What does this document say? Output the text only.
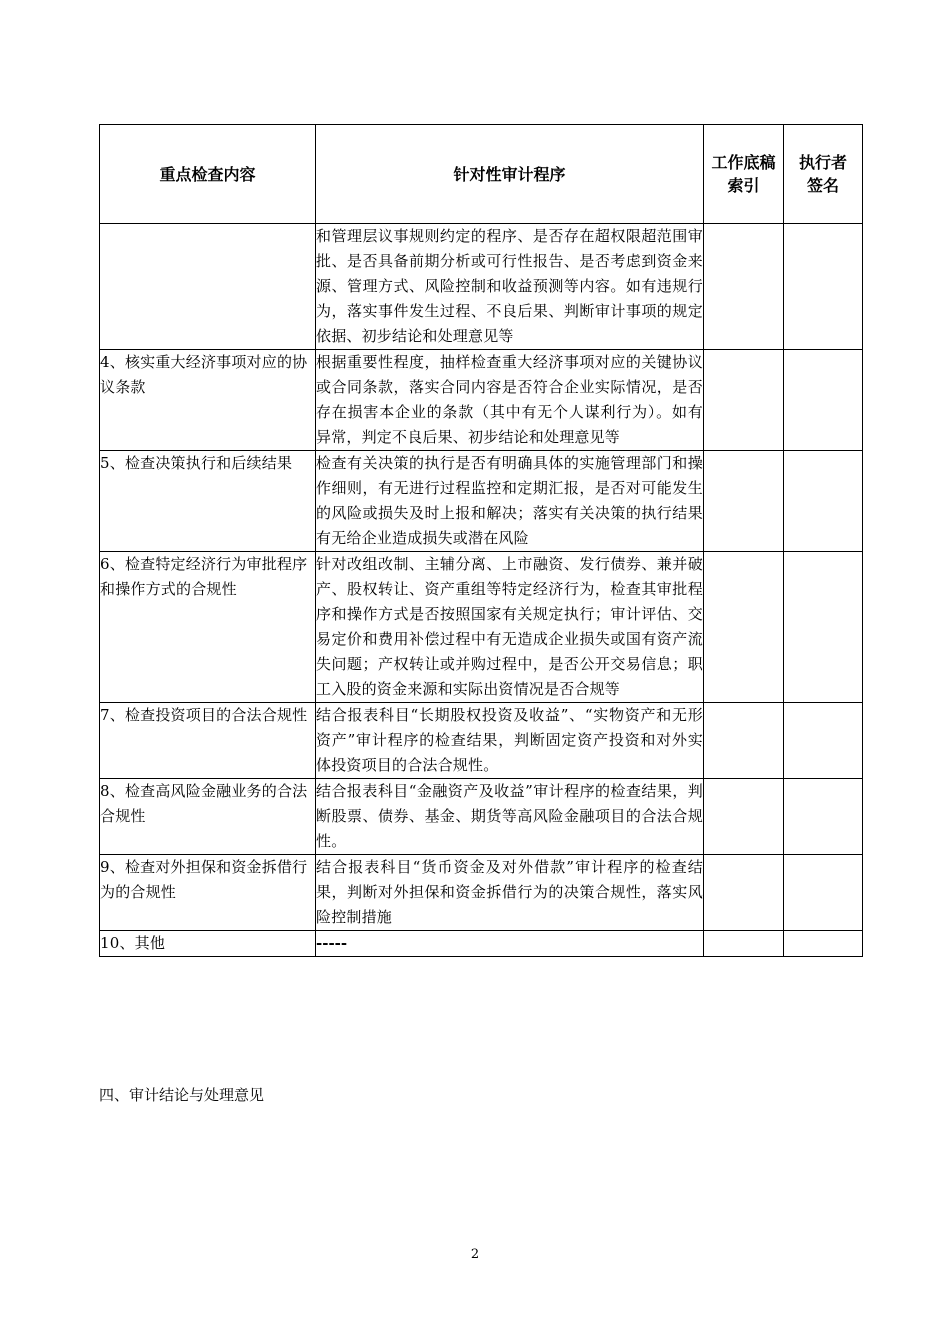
重点检查内容	针对性审计程序	工作底稿索引	执行者签名
	和管理层议事规则约定的程序、是否存在超权限超范围审批、是否具备前期分析或可行性报告、是否考虑到资金来源、管理方式、风险控制和收益预测等内容。如有违规行为，落实事件发生过程、不良后果、判断审计事项的规定依据、初步结论和处理意见等		
4、核实重大经济事项对应的协议条款	根据重要性程度，抽样检查重大经济事项对应的关键协议或合同条款，落实合同内容是否符合企业实际情况，是否存在损害本企业的条款（其中有无个人谋利行为）。如有异常，判定不良后果、初步结论和处理意见等		
5、检查决策执行和后续结果	检查有关决策的执行是否有明确具体的实施管理部门和操作细则，有无进行过程监控和定期汇报，是否对可能发生的风险或损失及时上报和解决；落实有关决策的执行结果有无给企业造成损失或潜在风险		
6、检查特定经济行为审批程序和操作方式的合规性	针对改组改制、主辅分离、上市融资、发行债券、兼并破产、股权转让、资产重组等特定经济行为，检查其审批程序和操作方式是否按照国家有关规定执行；审计评估、交易定价和费用补偿过程中有无造成企业损失或国有资产流失问题；产权转让或并购过程中，是否公开交易信息；职工入股的资金来源和实际出资情况是否合规等		
7、检查投资项目的合法合规性	结合报表科目“长期股权投资及收益”、“实物资产和无形资产”审计程序的检查结果，判断固定资产投资和对外实体投资项目的合法合规性。		
8、检查高风险金融业务的合法合规性	结合报表科目“金融资产及收益”审计程序的检查结果，判断股票、债券、基金、期货等高风险金融项目的合法合规性。		
9、检查对外担保和资金拆借行为的合规性	结合报表科目“货币资金及对外借款”审计程序的检查结果，判断对外担保和资金拆借行为的决策合规性，落实风险控制措施		
10、其他	-----		
四、审计结论与处理意见
2
